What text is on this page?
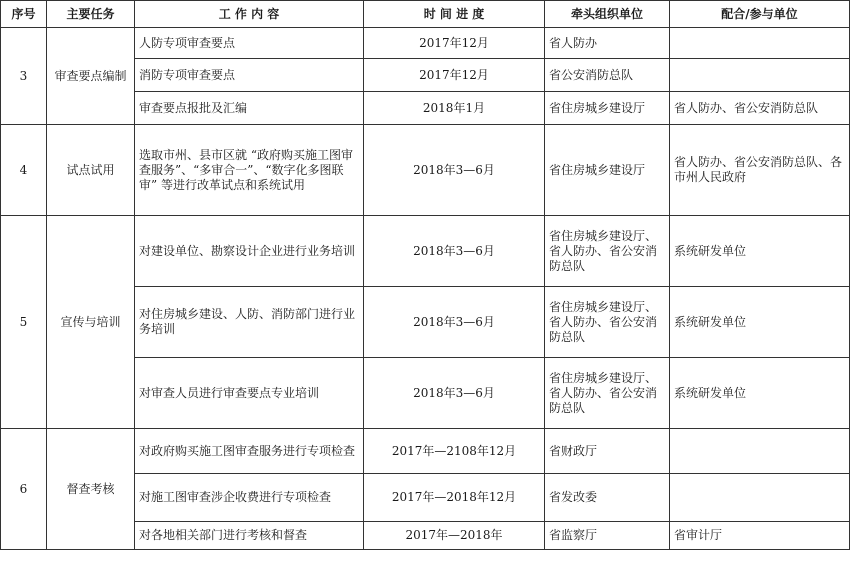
序号	主要任务	工 作 内 容	时 间 进 度	牵头组织单位	配合/参与单位
3	审查要点编制	人防专项审查要点	2017年12月	省人防办	
		消防专项审查要点	2017年12月	省公安消防总队	
		审查要点报批及汇编	2018年1月	省住房城乡建设厅	省人防办、省公安消防总队
4	试点试用	选取市州、县市区就 “政府购买施工图审查服务”、“多审合一”、“数字化多图联审” 等进行改革试点和系统试用	2018年3—6月	省住房城乡建设厅	省人防办、省公安消防总队、各市州人民政府
5	宣传与培训	对建设单位、勘察设计企业进行业务培训	2018年3—6月	省住房城乡建设厅、省人防办、省公安消防总队	系统研发单位
		对住房城乡建设、人防、消防部门进行业务培训	2018年3—6月	省住房城乡建设厅、省人防办、省公安消防总队	系统研发单位
		对审查人员进行审查要点专业培训	2018年3—6月	省住房城乡建设厅、省人防办、省公安消防总队	系统研发单位
6	督查考核	对政府购买施工图审查服务进行专项检查	2017年—2108年12月	省财政厅	
		对施工图审查涉企收费进行专项检查	2017年—2018年12月	省发改委	
		对各地相关部门进行考核和督查	2017年—2018年	省监察厅	省审计厅
